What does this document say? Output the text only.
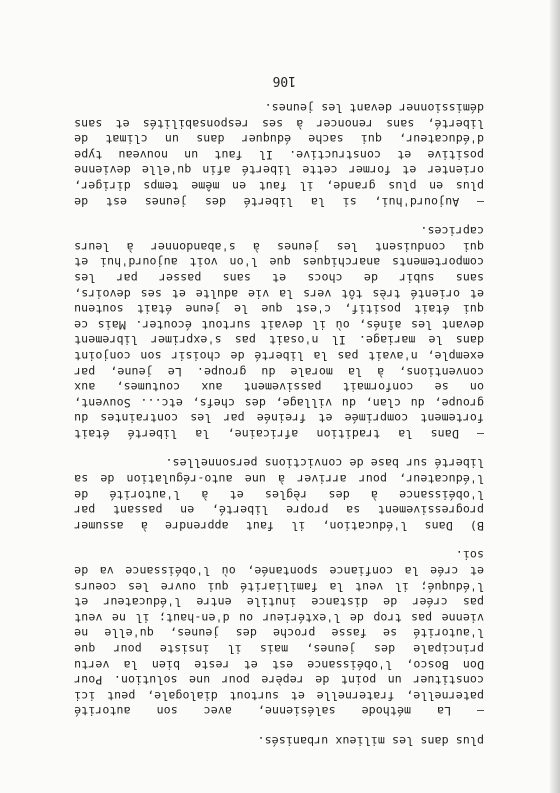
plus dans les milieux urbanisés.
–
La
méthode
salésienne,
avec
son
autorité
paternelle,
fraternelle
et
surtout
dialogale,
peut
ici
constituer
un
point
de
repère
pour
une
solution.
Pour
Don
Bosco,
l'obéissance
est
et
reste
bien
la
vertu
principale
des
jeunes,
mais
il
insiste
pour
que
l'autorité
se
fasse
proche
des
jeunes,
qu'elle
ne
vienne
pas
trop
de
l'extérieur
ou
d'en-haut;
il
ne
veut
pas
créer
de
distance
inutile
entre
l'éducateur
et
l'éduqué;
il
veut
la
familiarité
qui
ouvre
les
coeurs
et
crée
la
confiance
spontanée,
où
l'obéissance
va
de
soi.
B)
Dans
l'éducation,
il
faut
apprendre
à
assumer
progressivement
sa
propre
liberté,
en
passant
par
l'obéissance
à
des
règles
et
à
l'autorité
de
l'éducateur,
pour
arriver
à
une
auto-régulation
de
sa
liberté sur base de convictions personnelles.
–
Dans
la
tradition
africaine,
la
liberté
était
fortement
comprimée
et
freinée
par
les
contraintes
du
groupe,
du
clan,
du
village,
des
chefs,
etc...
Souvent,
on
se
conformait
passivement
aux
coutumes,
aux
conventions,
à
la
morale
du
groupe.
Le
jeune,
par
exemple,
n'avait
pas
la
liberté
de
choisir
son
conjoint
dans
le
mariage.
Il
n'osait
pas
s'exprimer
librement
devant
les
aînés,
où
il
devait
surtout
écouter.
Mais
ce
qui
était
positif,
c'est
que
le
jeune
était
soutenu
et
orienté
très
tôt
vers
la
vie
adulte
et
ses
devoirs,
sans
subir
de
chocs
et
sans
passer
par
les
comportements
anarchiques
que
l'on
voit
aujourd'hui
et
qui
conduisent
les
jeunes
à
s'abandonner
à
leurs
caprices.
–
Aujourd'hui,
si
la
liberté
des
jeunes
est
de
plus
en
plus
grande,
il
faut
en
même
temps
diriger,
orienter
et
former
cette
liberté
afin
qu'elle
devienne
positive
et
constructive.
Il
faut
un
nouveau
type
d'éducateur,
qui
sache
éduquer
dans
un
climat
de
liberté,
sans
renoncer
à
ses
responsabilités
et
sans
démissionner devant les jeunes.
106
